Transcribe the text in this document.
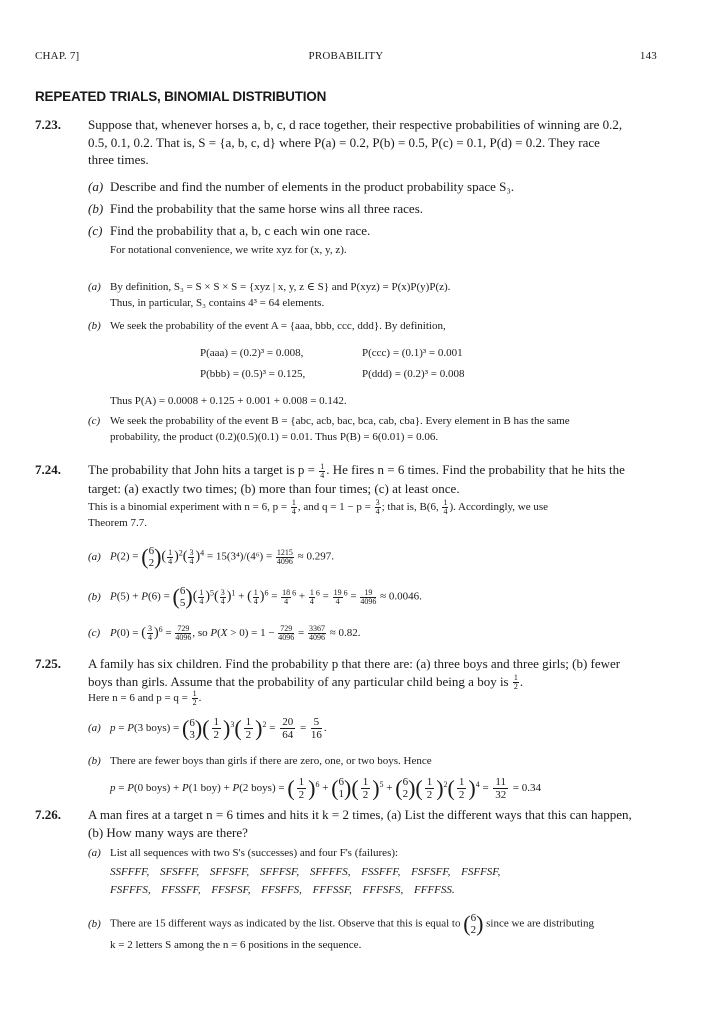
CHAP. 7]	PROBABILITY	143
REPEATED TRIALS, BINOMIAL DISTRIBUTION
7.23. Suppose that, whenever horses a, b, c, d race together, their respective probabilities of winning are 0.2,
0.5, 0.1, 0.2. That is, S = {a, b, c, d} where P(a) = 0.2, P(b) = 0.5, P(c) = 0.1, P(d) = 0.2. They race
three times.
(a) Describe and find the number of elements in the product probability space S₃.
(b) Find the probability that the same horse wins all three races.
(c) Find the probability that a, b, c each win one race.
For notational convenience, we write xyz for (x, y, z).
(a) By definition, S₃ = S × S × S = {xyz | x, y, z ∈ S} and P(xyz) = P(x)P(y)P(z).
Thus, in particular, S₃ contains 4³ = 64 elements.
(b) We seek the probability of the event A = {aaa, bbb, ccc, ddd}. By definition,
P(aaa) = (0.2)³ = 0.008,	P(ccc) = (0.1)³ = 0.001
P(bbb) = (0.5)³ = 0.125,	P(ddd) = (0.2)³ = 0.008
Thus P(A) = 0.0008 + 0.125 + 0.001 + 0.008 = 0.142.
(c) We seek the probability of the event B = {abc, acb, bac, bca, cab, cba}. Every element in B has the same
probability, the product (0.2)(0.5)(0.1) = 0.01. Thus P(B) = 6(0.01) = 0.06.
7.24. The probability that John hits a target is $p = \frac{1}{4}$ . He fires n = 6 times. Find the probability that he hits the
target: (a) exactly two times; (b) more than four times; (c) at least once.
This is a binomial experiment with n = 6, $p = \frac{1}{4}$ , and $q = 1 - p = \frac{3}{4}$ ; that is, B(6, $\frac{1}{4}$ ). Accordingly, we use
Theorem 7.7.
(a) P(2) = ( 6
2 )( $\frac{1}{4} )^2( \frac{3}{4} )^4 = 15(3^4)/(4^6) = \frac{1215}{4096} \approx 0.297$.
(b) P(5) + P(6) = ( 6
5 )( $\frac{1}{4} )^5( \frac{3}{4} )^1$ + ( $\frac{1}{4} )^6 = \frac{18}{4} ^6 + \frac{1}{4} ^6 = \frac{19}{4} ^6 = \frac{19}{4096} \approx 0.0046$.
(c) P(0) = ( $\frac{3}{4} )^6 = \frac{729}{4096}$ , so $P(X > 0) = 1 - \frac{729}{4096} = \frac{3367}{4096} \approx 0.82$.
7.25. A family has six children. Find the probability p that there are: (a) three boys and three girls; (b) fewer
boys than girls. Assume that the probability of any particular child being a boy is $\frac{1}{2}$ .
Here n = 6 and $p = q = \frac{1}{2}$ .
(a) p = P(3 boys) = ( 6
3 )( $\frac{1}{2} )^3( \frac{1}{2} )^2 = \frac{20}{64} = \frac{5}{16}$ .
(b) There are fewer boys than girls if there are zero, one, or two boys. Hence
p = P(0 boys) + P(1 boy) + P(2 boys) = ( $\frac{1}{2} )^6$ + ( 6
1 )( $\frac{1}{2} )^5$ + ( 6
2 )( $\frac{1}{2} )^2( \frac{1}{2} )^4 = \frac{11}{32} = 0.34$
7.26. A man fires at a target n = 6 times and hits it k = 2 times, (a) List the different ways that this can happen,
(b) How many ways are there?
(a) List all sequences with two S's (successes) and four F's (failures):
SSFFFF, SFSFFF, SFFSFF, SFFFSF, SFFFFS, FSSFFF, FSFSFF, FSFFSF,
FSFFFS, FFSSFF, FFSFSF, FFSFFS, FFFSSF, FFFSFS, FFFFSS.
(b) There are 15 different ways as indicated by the list. Observe that this is equal to ( 6
2 ) since we are distributing
k = 2 letters S among the n = 6 positions in the sequence.
